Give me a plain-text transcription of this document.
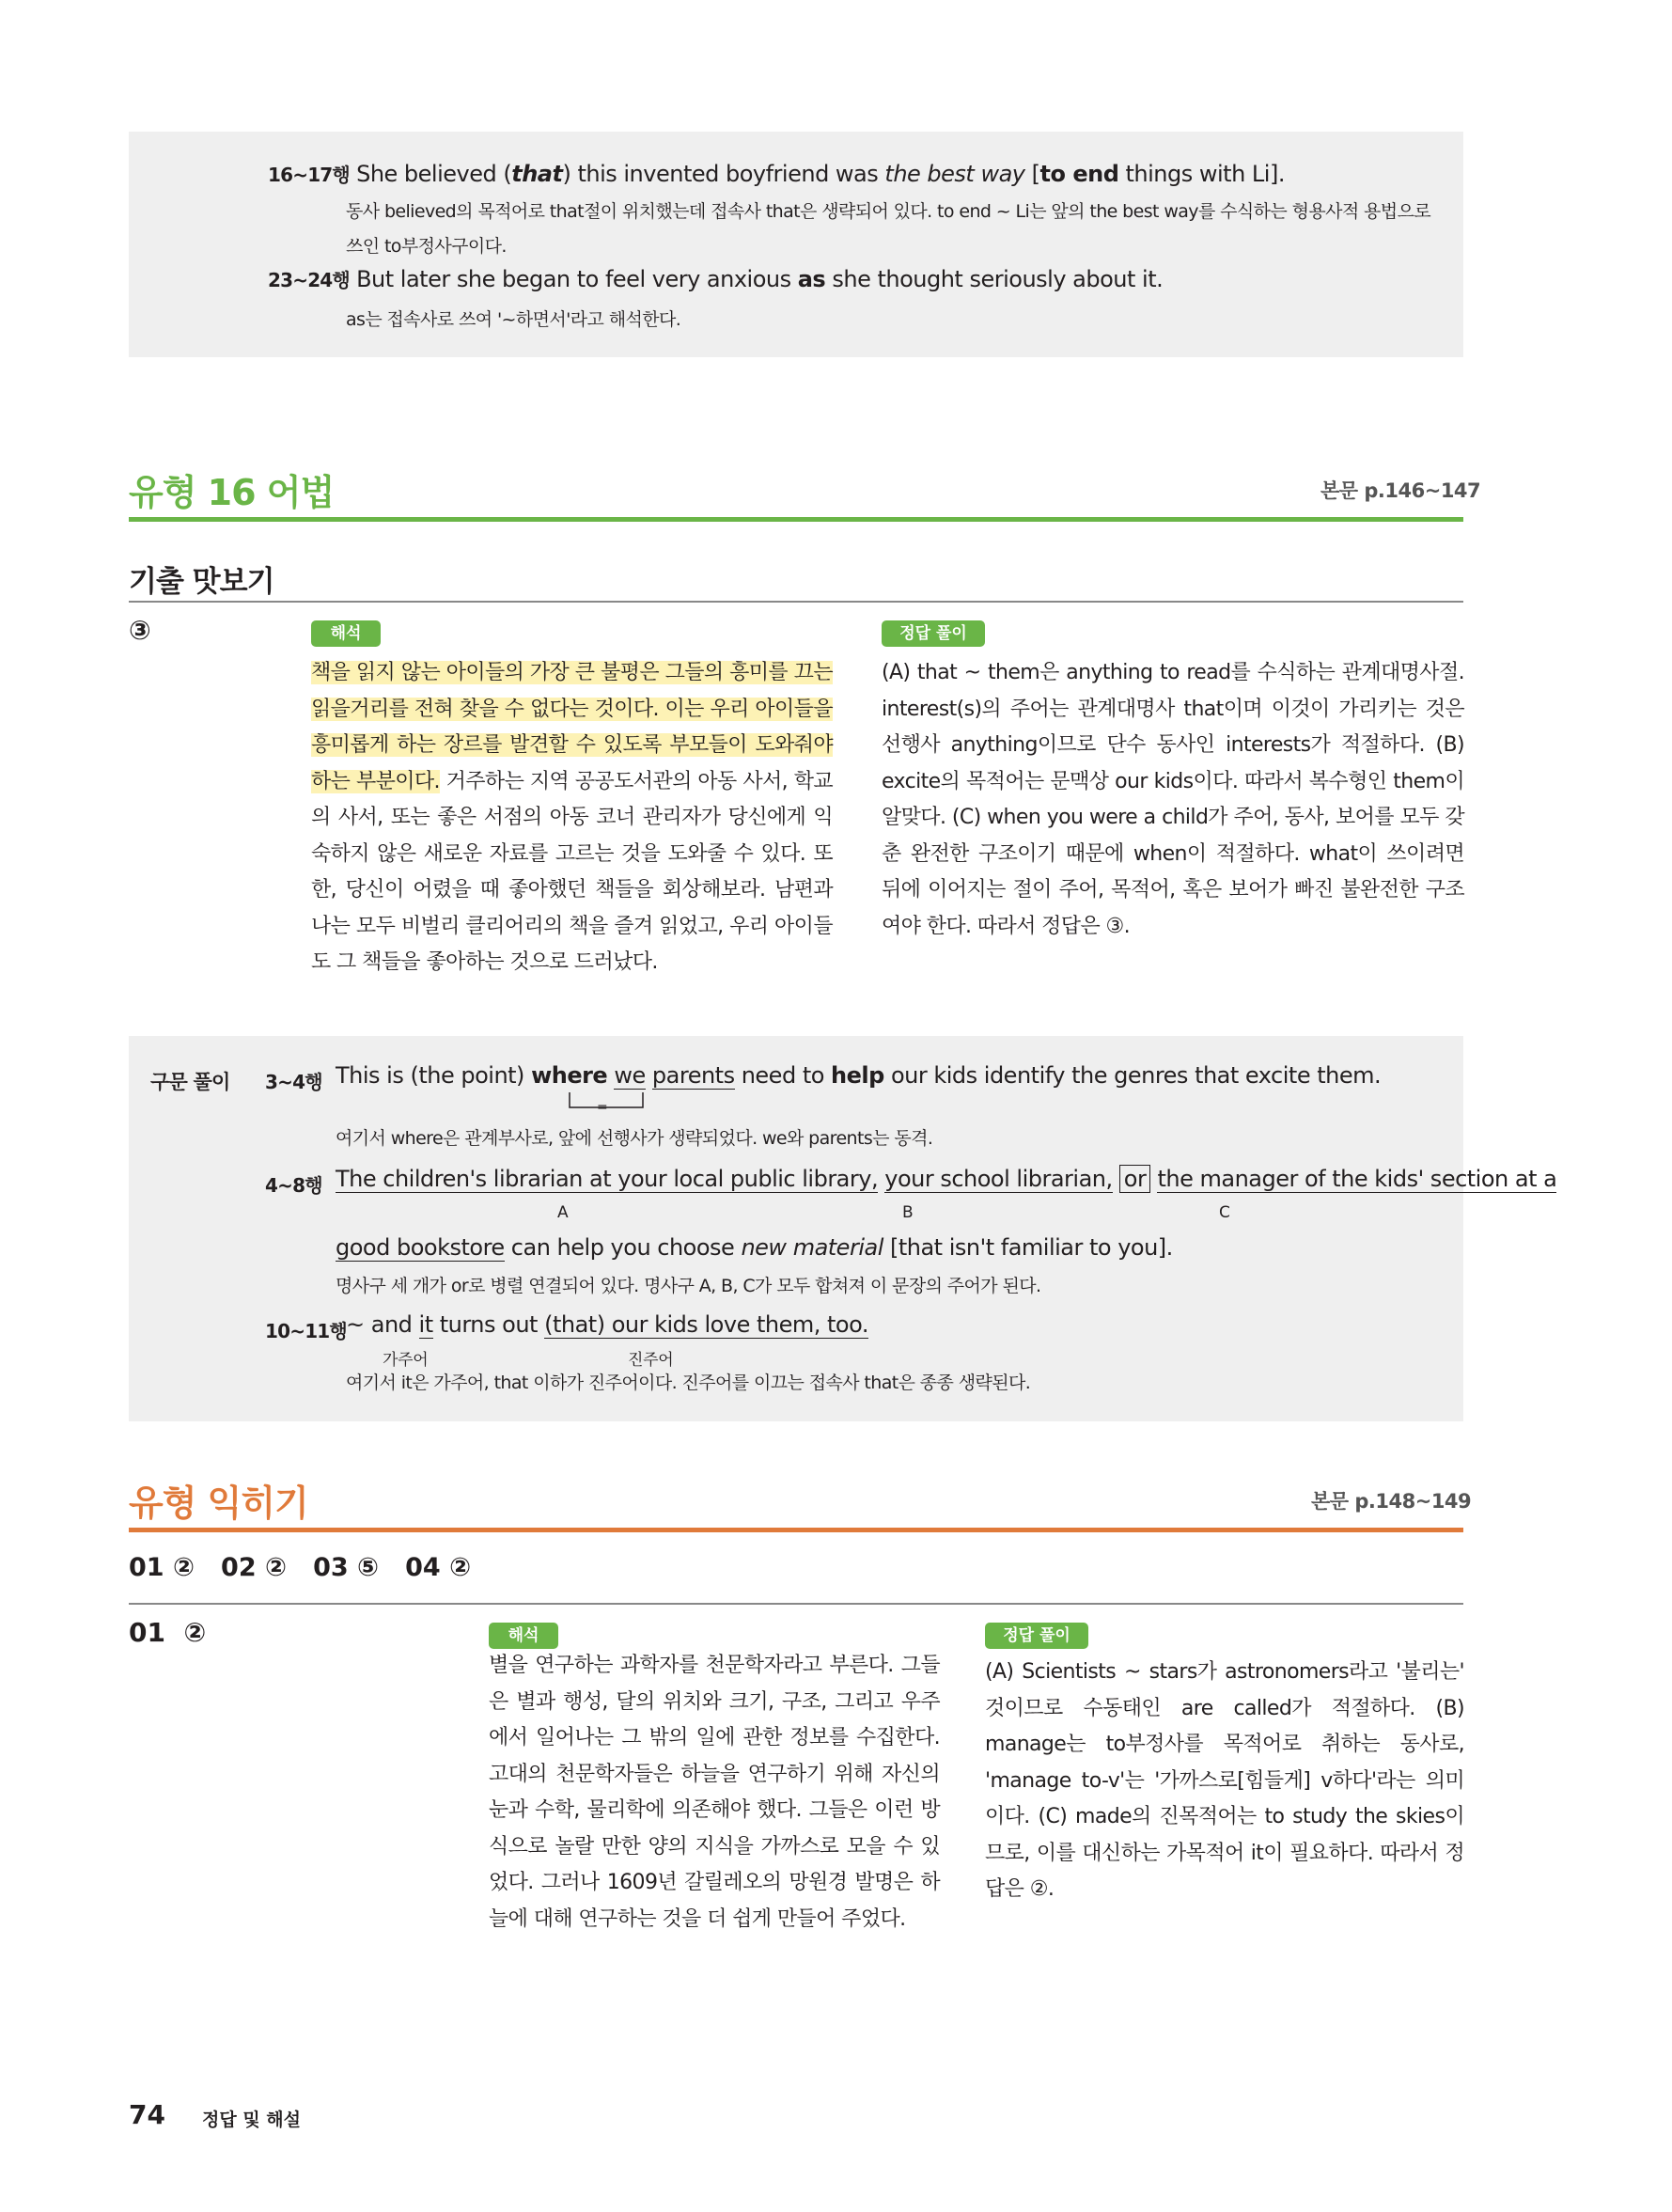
16~17행 She believed (that) this invented boyfriend was the best way [to end things with Li].
동사 believed의 목적어로 that절이 위치했는데 접속사 that은 생략되어 있다. to end ~ Li는 앞의 the best way를 수식하는 형용사적 용법으로
쓰인 to부정사구이다.
23~24행 But later she began to feel very anxious as she thought seriously about it.
as는 접속사로 쓰여 '~하면서'라고 해석한다.
유형 16 어법	본문 p.146~147
기출 맛보기
③	해석	정답 풀이
책을 읽지 않는 아이들의 가장 큰 불평은 그들의 흥미를 끄는 읽을거리를 전혀 찾을 수 없다는 것이다. 이는 우리 아이들을 흥미롭게 하는 장르를 발견할 수 있도록 부모들이 도와줘야 하는 부분이다. 거주하는 지역 공공도서관의 아동 사서, 학교의 사서, 또는 좋은 서점의 아동 코너 관리자가 당신에게 익숙하지 않은 새로운 자료를 고르는 것을 도와줄 수 있다. 또한, 당신이 어렸을 때 좋아했던 책들을 회상해보라. 남편과 나는 모두 비벌리 클리어리의 책을 즐겨 읽었고, 우리 아이들도 그 책들을 좋아하는 것으로 드러났다.
(A) that ~ them은 anything to read를 수식하는 관계대명사절. interest(s)의 주어는 관계대명사 that이며 이것이 가리키는 것은 선행사 anything이므로 단수 동사인 interests가 적절하다. (B) excite의 목적어는 문맥상 our kids이다. 따라서 복수형인 them이 알맞다. (C) when you were a child가 주어, 동사, 보어를 모두 갖춘 완전한 구조이기 때문에 when이 적절하다. what이 쓰이려면 뒤에 이어지는 절이 주어, 목적어, 혹은 보어가 빠진 불완전한 구조여야 한다. 따라서 정답은 ③.
구문 풀이 3~4행 This is (the point) where we parents need to help our kids identify the genres that excite them.
=
여기서 where은 관계부사로, 앞에 선행사가 생략되었다. we와 parents는 동격.
4~8행 The children's librarian at your local public library, your school librarian, or the manager of the kids' section at a
A	B	C
good bookstore can help you choose new material [that isn't familiar to you].
명사구 세 개가 or로 병렬 연결되어 있다. 명사구 A, B, C가 모두 합쳐져 이 문장의 주어가 된다.
10~11행 ~ and it turns out (that) our kids love them, too.
가주어	진주어
여기서 it은 가주어, that 이하가 진주어이다. 진주어를 이끄는 접속사 that은 종종 생략된다.
유형 익히기	본문 p.148~149
01 ②   02 ②   03 ⑤   04 ②
01  ②	해석	정답 풀이
별을 연구하는 과학자를 천문학자라고 부른다. 그들은 별과 행성, 달의 위치와 크기, 구조, 그리고 우주에서 일어나는 그 밖의 일에 관한 정보를 수집한다. 고대의 천문학자들은 하늘을 연구하기 위해 자신의 눈과 수학, 물리학에 의존해야 했다. 그들은 이런 방식으로 놀랄 만한 양의 지식을 가까스로 모을 수 있었다. 그러나 1609년 갈릴레오의 망원경 발명은 하늘에 대해 연구하는 것을 더 쉽게 만들어 주었다.
(A) Scientists ~ stars가 astronomers라고 '불리는' 것이므로 수동태인 are called가 적절하다. (B) manage는 to부정사를 목적어로 취하는 동사로, 'manage to-v'는 '가까스로[힘들게] v하다'라는 의미이다. (C) made의 진목적어는 to study the skies이므로, 이를 대신하는 가목적어 it이 필요하다. 따라서 정답은 ②.
74 정답 및 해설
